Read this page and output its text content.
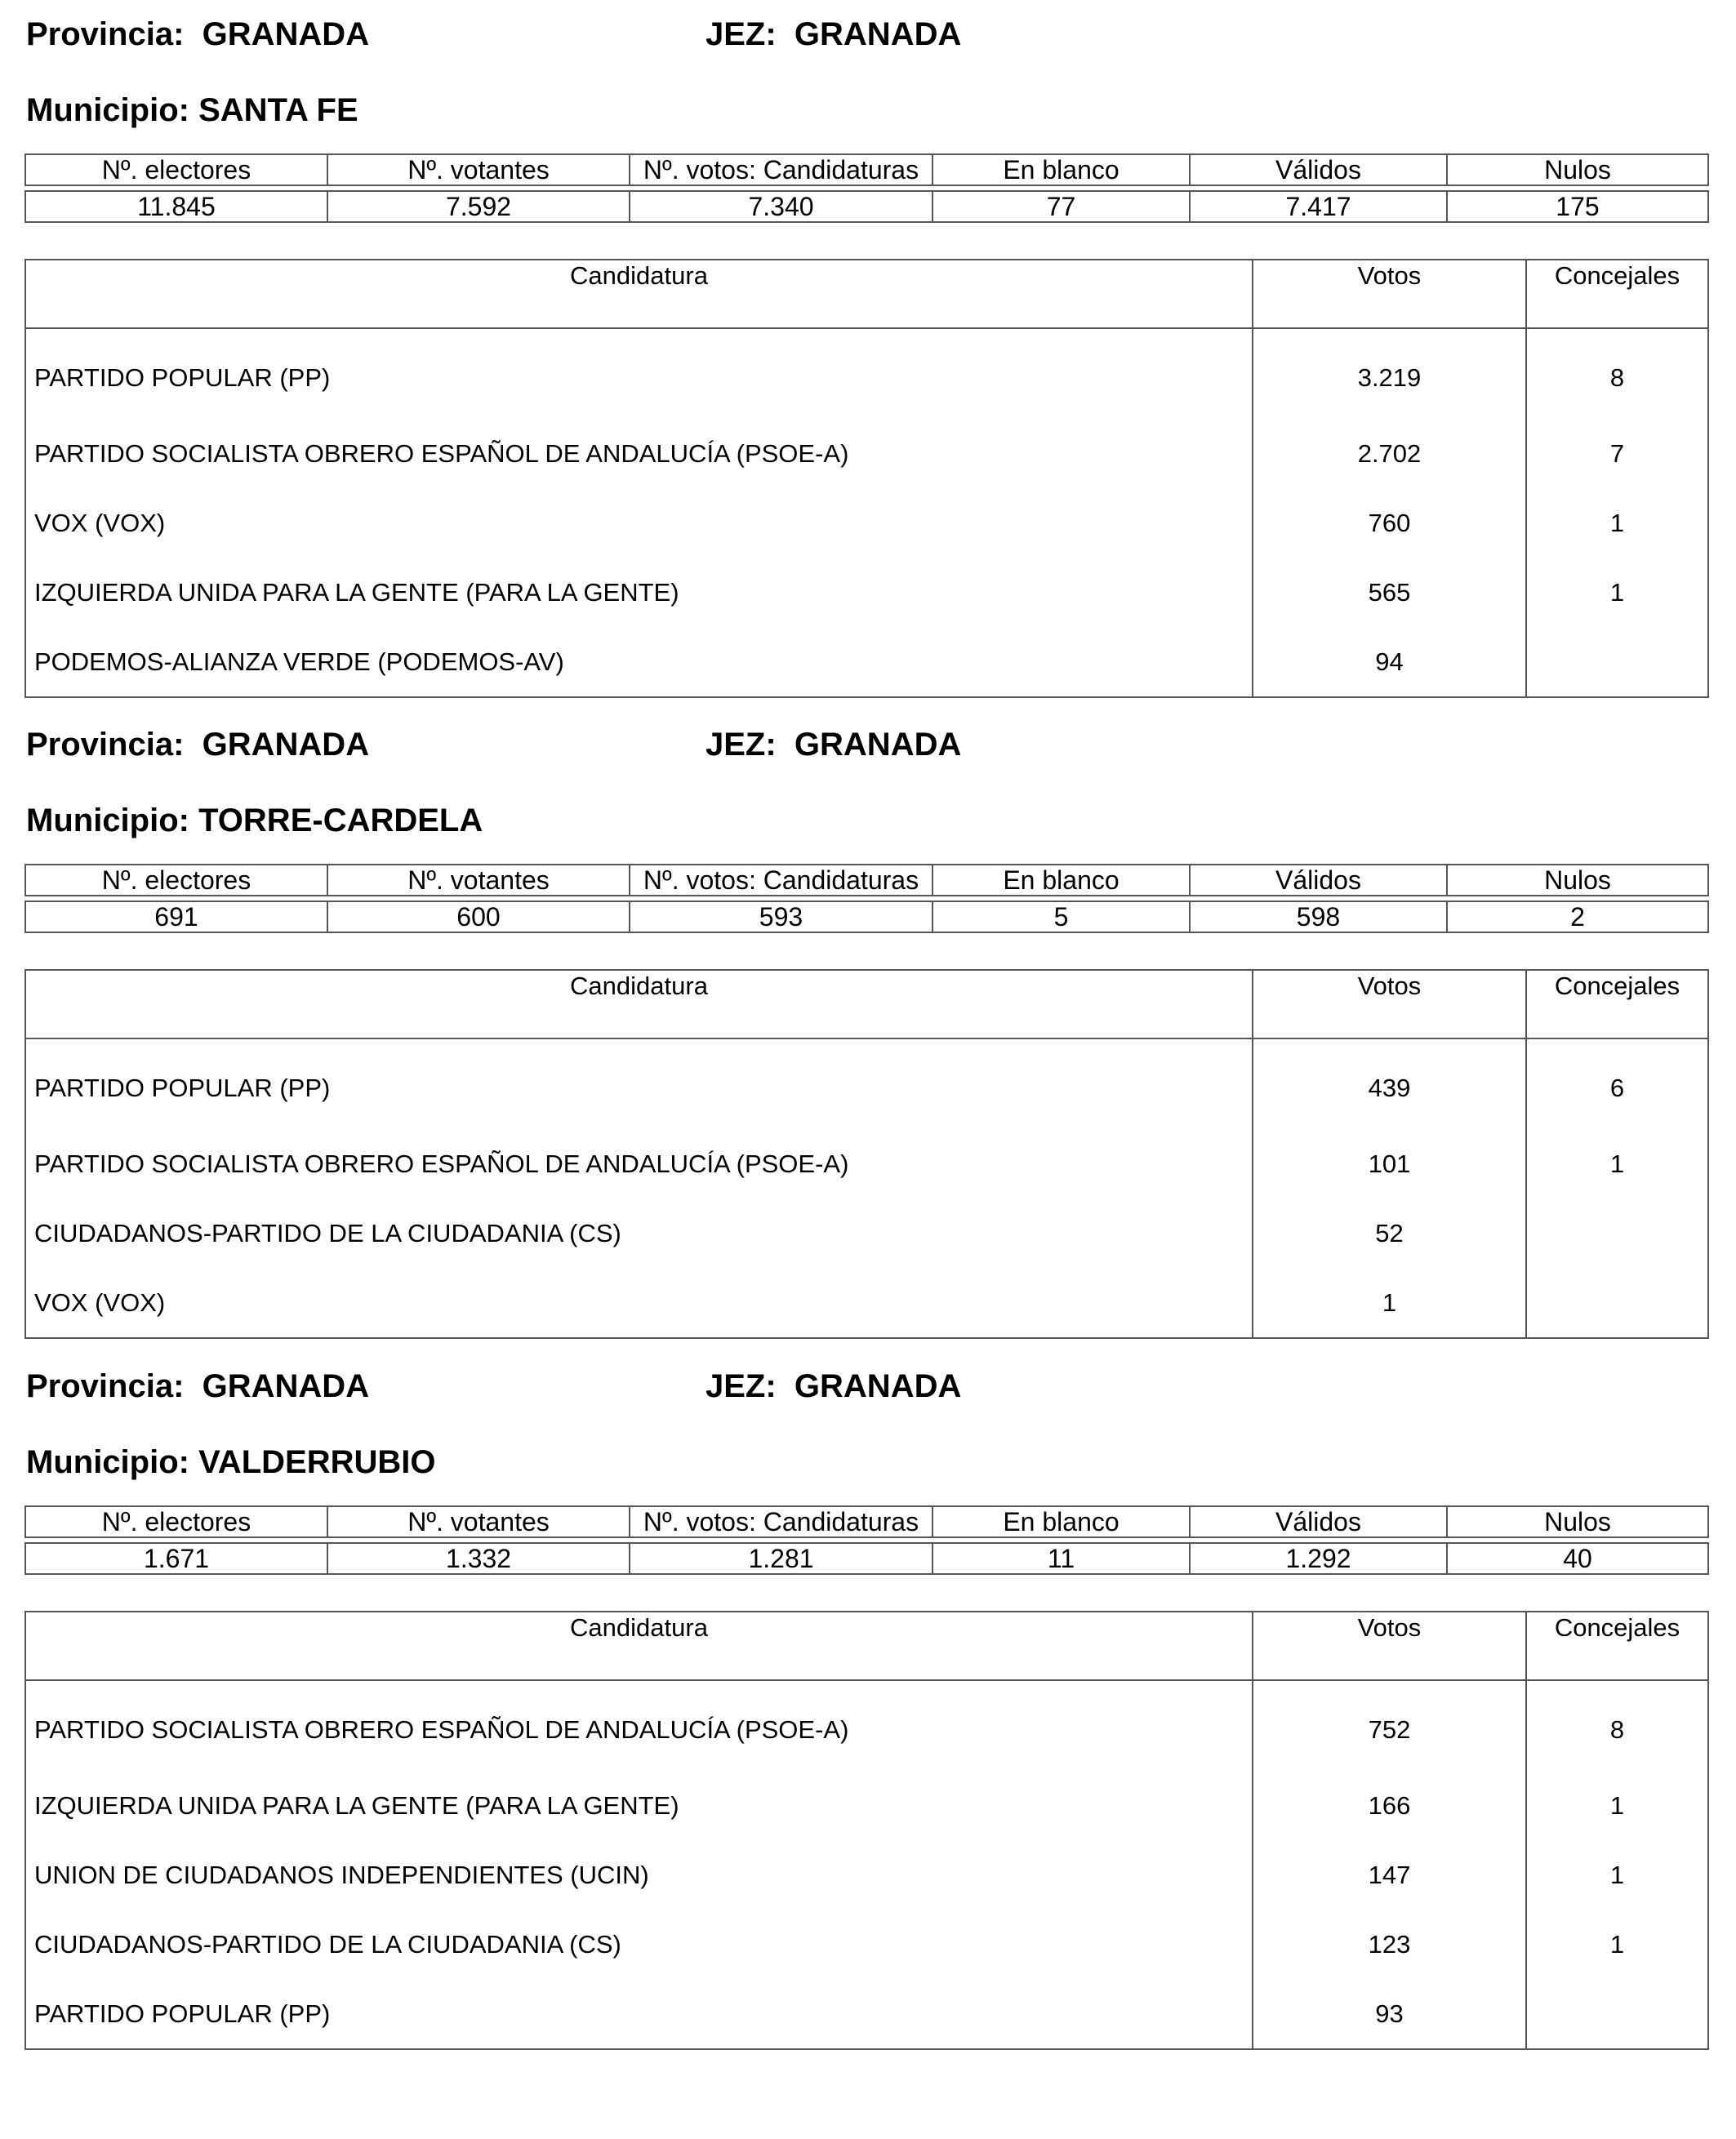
Provincia: GRANADA	JEZ: GRANADA
Municipio: SANTA FE
Nº. electores	Nº. votantes	Nº. votos: Candidaturas	En blanco	Válidos	Nulos

11.845	7.592	7.340	77	7.417	175
Candidatura	Votos	Concejales
PARTIDO POPULAR (PP)	3.219	8
PARTIDO SOCIALISTA OBRERO ESPAÑOL DE ANDALUCÍA (PSOE-A)	2.702	7
VOX (VOX)	760	1
IZQUIERDA UNIDA PARA LA GENTE (PARA LA GENTE)	565	1
PODEMOS-ALIANZA VERDE (PODEMOS-AV)	94	
Provincia: GRANADA	JEZ: GRANADA
Municipio: TORRE-CARDELA
Nº. electores	Nº. votantes	Nº. votos: Candidaturas	En blanco	Válidos	Nulos

691	600	593	5	598	2
Candidatura	Votos	Concejales
PARTIDO POPULAR (PP)	439	6
PARTIDO SOCIALISTA OBRERO ESPAÑOL DE ANDALUCÍA (PSOE-A)	101	1
CIUDADANOS-PARTIDO DE LA CIUDADANIA (CS)	52	
VOX (VOX)	1	
Provincia: GRANADA	JEZ: GRANADA
Municipio: VALDERRUBIO
Nº. electores	Nº. votantes	Nº. votos: Candidaturas	En blanco	Válidos	Nulos

1.671	1.332	1.281	11	1.292	40
Candidatura	Votos	Concejales
PARTIDO SOCIALISTA OBRERO ESPAÑOL DE ANDALUCÍA (PSOE-A)	752	8
IZQUIERDA UNIDA PARA LA GENTE (PARA LA GENTE)	166	1
UNION DE CIUDADANOS INDEPENDIENTES (UCIN)	147	1
CIUDADANOS-PARTIDO DE LA CIUDADANIA (CS)	123	1
PARTIDO POPULAR (PP)	93	
